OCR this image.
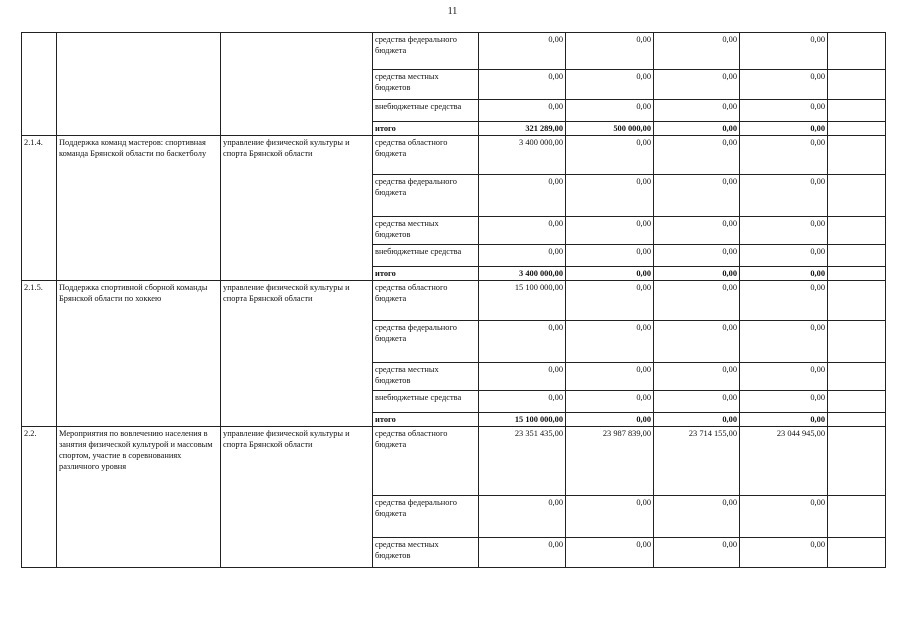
11
			средства федерального бюджета	0,00	0,00	0,00	0,00	
			средства местных бюджетов	0,00	0,00	0,00	0,00	
			внебюджетные средства	0,00	0,00	0,00	0,00	
			итого	321 289,00	500 000,00	0,00	0,00	
2.1.4.	Поддержка команд мастеров: спортивная команда Брянской области по баскетболу	управление физической культуры и спорта Брянской области	средства областного бюджета	3 400 000,00	0,00	0,00	0,00	
			средства федерального бюджета	0,00	0,00	0,00	0,00	
			средства местных бюджетов	0,00	0,00	0,00	0,00	
			внебюджетные средства	0,00	0,00	0,00	0,00	
			итого	3 400 000,00	0,00	0,00	0,00	
2.1.5.	Поддержка спортивной сборной команды Брянской области по хоккею	управление физической культуры и спорта Брянской области	средства областного бюджета	15 100 000,00	0,00	0,00	0,00	
			средства федерального бюджета	0,00	0,00	0,00	0,00	
			средства местных бюджетов	0,00	0,00	0,00	0,00	
			внебюджетные средства	0,00	0,00	0,00	0,00	
			итого	15 100 000,00	0,00	0,00	0,00	
2.2.	Мероприятия по вовлечению населения в занятия физической культурой и массовым спортом, участие в соревнованиях различного уровня	управление физической культуры и спорта Брянской области	средства областного бюджета	23 351 435,00	23 987 839,00	23 714 155,00	23 044 945,00	
			средства федерального бюджета	0,00	0,00	0,00	0,00	
			средства местных бюджетов	0,00	0,00	0,00	0,00	
